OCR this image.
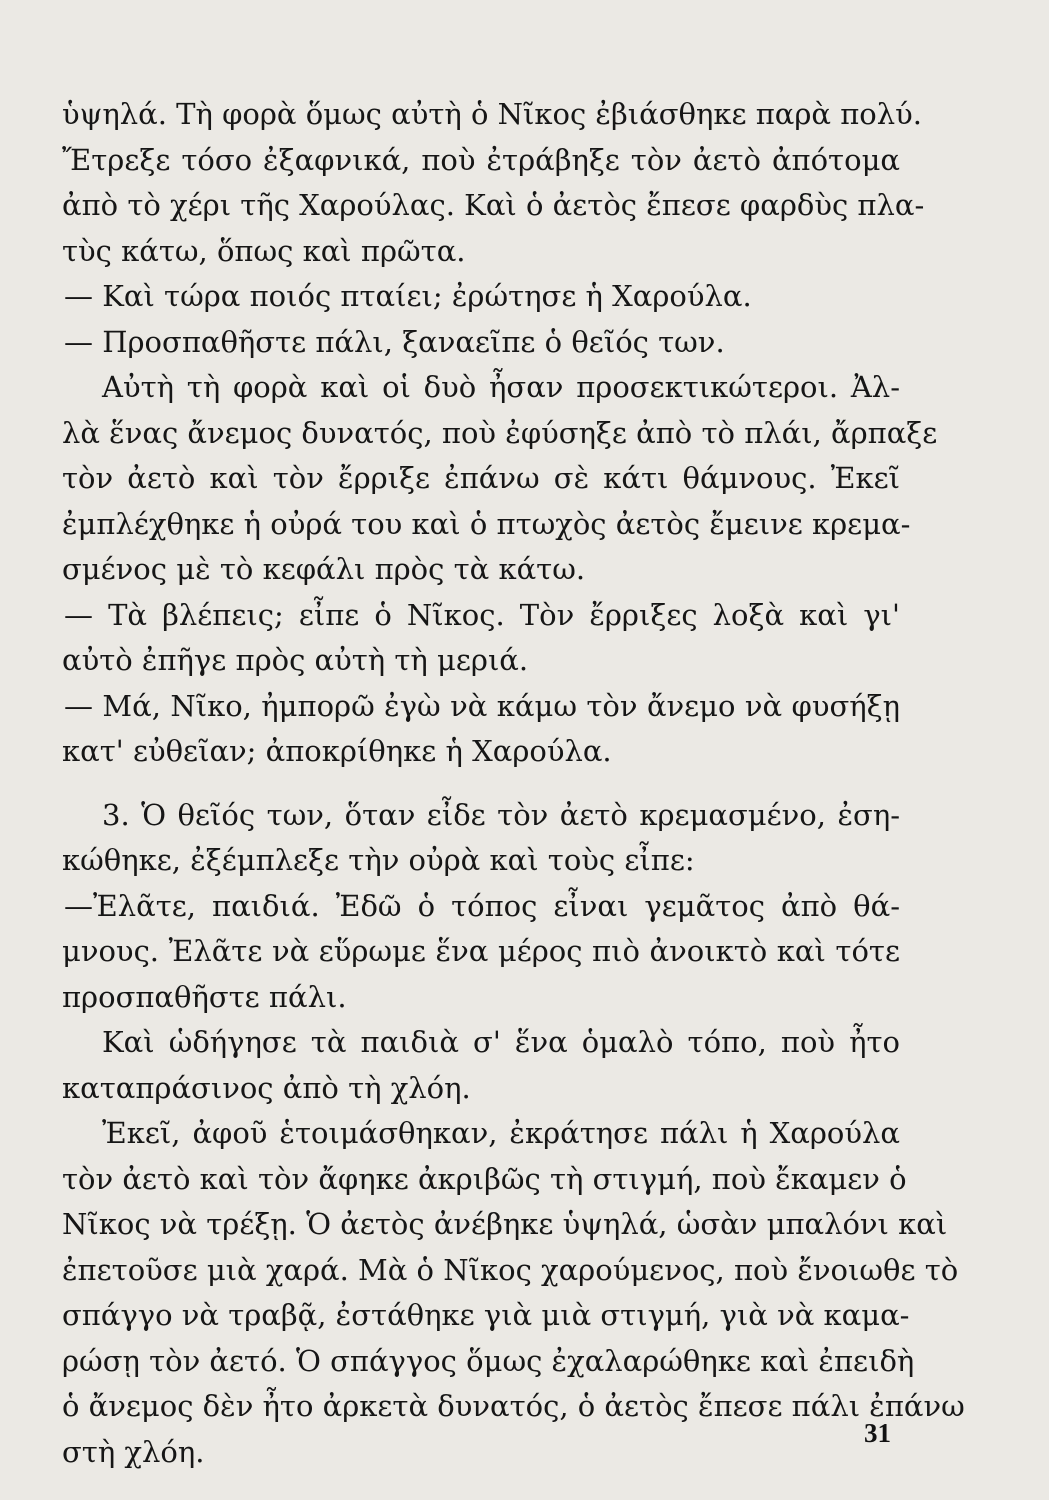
ὑψηλά. Τὴ φορὰ ὅμως αὐτὴ ὁ Νῖκος ἐβιάσθηκε παρὰ πολύ.
Ἔτρεξε τόσο ἐξαφνικά, ποὺ ἐτράβηξε τὸν ἀετὸ ἀπότομα
ἀπὸ τὸ χέρι τῆς Χαρούλας. Καὶ ὁ ἀετὸς ἔπεσε φαρδὺς πλα-
τὺς κάτω, ὅπως καὶ πρῶτα.
— Καὶ τώρα ποιός πταίει; ἐρώτησε ἡ Χαρούλα.
— Προσπαθῆστε πάλι, ξαναεῖπε ὁ θεῖός των.
Αὐτὴ τὴ φορὰ καὶ οἱ δυὸ ἦσαν προσεκτικώτεροι. Ἀλ-
λὰ ἕνας ἄνεμος δυνατός, ποὺ ἐφύσηξε ἀπὸ τὸ πλάι, ἄρπαξε
τὸν ἀετὸ καὶ τὸν ἔρριξε ἐπάνω σὲ κάτι θάμνους. Ἐκεῖ
ἐμπλέχθηκε ἡ οὐρά του καὶ ὁ πτωχὸς ἀετὸς ἔμεινε κρεμα-
σμένος μὲ τὸ κεφάλι πρὸς τὰ κάτω.
— Τὰ βλέπεις; εἶπε ὁ Νῖκος. Τὸν ἔρριξες λοξὰ καὶ γι'
αὐτὸ ἐπῆγε πρὸς αὐτὴ τὴ μεριά.
— Μά, Νῖκο, ἠμπορῶ ἐγὼ νὰ κάμω τὸν ἄνεμο νὰ φυσήξῃ
κατ' εὐθεῖαν; ἀποκρίθηκε ἡ Χαρούλα.
3. Ὁ θεῖός των, ὅταν εἶδε τὸν ἀετὸ κρεμασμένο, ἐση-
κώθηκε, ἐξέμπλεξε τὴν οὐρὰ καὶ τοὺς εἶπε:
—Ἐλᾶτε, παιδιά. Ἐδῶ ὁ τόπος εἶναι γεμᾶτος ἀπὸ θά-
μνους. Ἐλᾶτε νὰ εὕρωμε ἕνα μέρος πιὸ ἀνοικτὸ καὶ τότε
προσπαθῆστε πάλι.
Καὶ ὡδήγησε τὰ παιδιὰ σ' ἕνα ὁμαλὸ τόπο, ποὺ ἦτο
καταπράσινος ἀπὸ τὴ χλόη.
Ἐκεῖ, ἀφοῦ ἑτοιμάσθηκαν, ἐκράτησε πάλι ἡ Χαρούλα
τὸν ἀετὸ καὶ τὸν ἄφηκε ἀκριβῶς τὴ στιγμή, ποὺ ἔκαμεν ὁ
Νῖκος νὰ τρέξῃ. Ὁ ἀετὸς ἀνέβηκε ὑψηλά, ὡσὰν μπαλόνι καὶ
ἐπετοῦσε μιὰ χαρά. Μὰ ὁ Νῖκος χαρούμενος, ποὺ ἔνοιωθε τὸ
σπάγγο νὰ τραβᾷ, ἐστάθηκε γιὰ μιὰ στιγμή, γιὰ νὰ καμα-
ρώσῃ τὸν ἀετό. Ὁ σπάγγος ὅμως ἐχαλαρώθηκε καὶ ἐπειδὴ
ὁ ἄνεμος δὲν ἦτο ἀρκετὰ δυνατός, ὁ ἀετὸς ἔπεσε πάλι ἐπάνω
στὴ χλόη.
31
